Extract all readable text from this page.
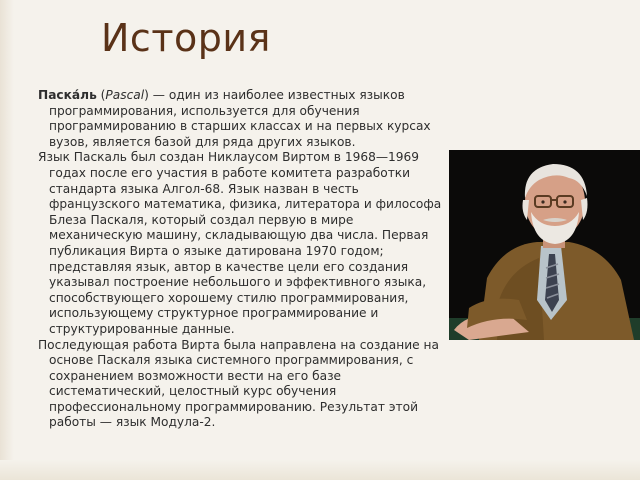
История

Паска́ль (Pascal) — один из наиболее известных языков программирования, используется для обучения программированию в старших классах и на первых курсах вузов, является базой для ряда других языков.

Язык Паскаль был создан Никлаусом Виртом в 1968—1969 годах после его участия в работе комитета разработки стандарта языка Алгол-68. Язык назван в честь французского математика, физика, литератора и философа Блеза Паскаля, который создал первую в мире механическую машину, складывающую два числа. Первая публикация Вирта о языке датирована 1970 годом; представляя язык, автор в качестве цели его создания указывал построение небольшого и эффективного языка, способствующего хорошему стилю программирования, использующему структурное программирование и структурированные данные.

Последующая работа Вирта была направлена на создание на основе Паскаля языка системного программирования, с сохранением возможности вести на его базе систематический, целостный курс обучения профессиональному программированию. Результат этой работы — язык Модула-2.
